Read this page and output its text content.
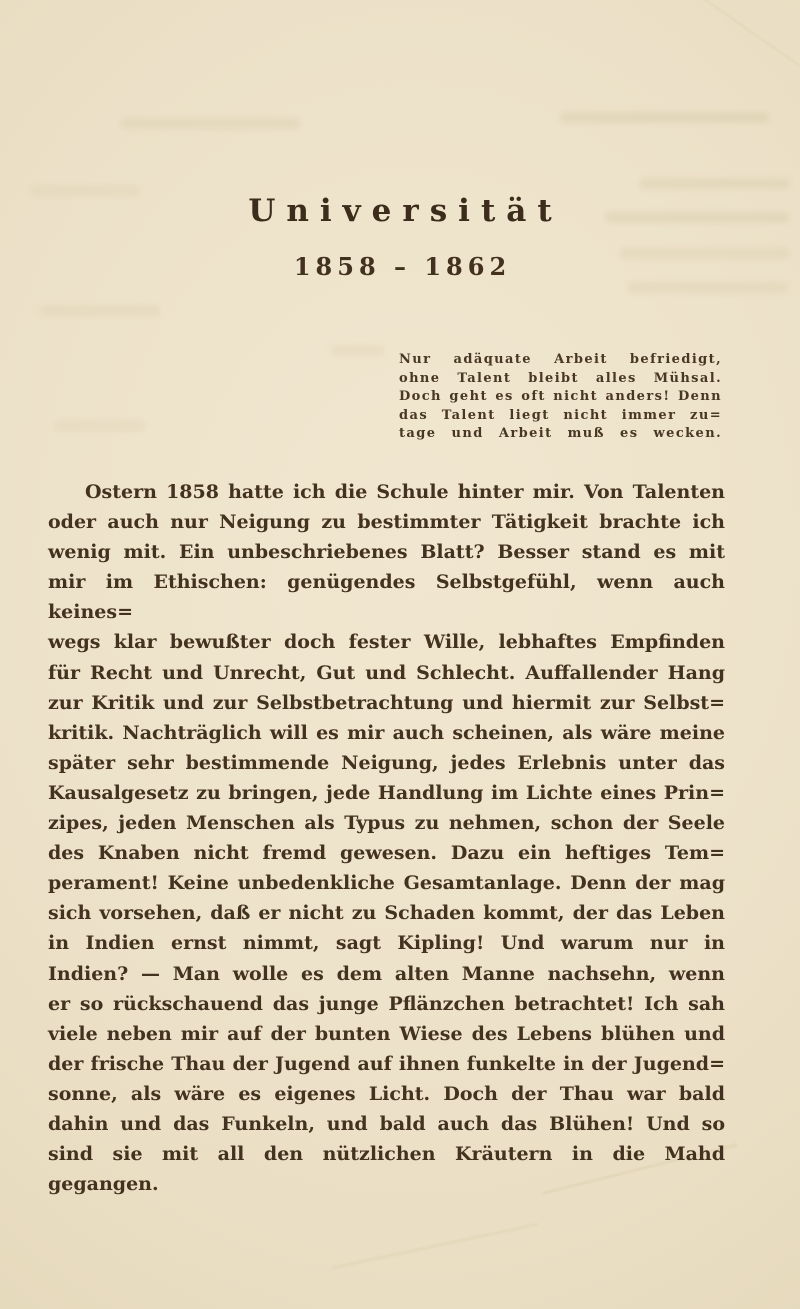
Universität
1858 – 1862
Nur adäquate Arbeit befriedigt,
ohne Talent bleibt alles Mühsal.
Doch geht es oft nicht anders! Denn
das Talent liegt nicht immer zu=
tage und Arbeit muß es wecken.
Ostern 1858 hatte ich die Schule hinter mir. Von Talenten
oder auch nur Neigung zu bestimmter Tätigkeit brachte ich
wenig mit. Ein unbeschriebenes Blatt? Besser stand es mit
mir im Ethischen: genügendes Selbstgefühl, wenn auch keines=
wegs klar bewußter doch fester Wille, lebhaftes Empfinden
für Recht und Unrecht, Gut und Schlecht. Auffallender Hang
zur Kritik und zur Selbstbetrachtung und hiermit zur Selbst=
kritik. Nachträglich will es mir auch scheinen, als wäre meine
später sehr bestimmende Neigung, jedes Erlebnis unter das
Kausalgesetz zu bringen, jede Handlung im Lichte eines Prin=
zipes, jeden Menschen als Typus zu nehmen, schon der Seele
des Knaben nicht fremd gewesen. Dazu ein heftiges Tem=
perament! Keine unbedenkliche Gesamtanlage. Denn der mag
sich vorsehen, daß er nicht zu Schaden kommt, der das Leben
in Indien ernst nimmt, sagt Kipling! Und warum nur in
Indien? — Man wolle es dem alten Manne nachsehn, wenn
er so rückschauend das junge Pflänzchen betrachtet! Ich sah
viele neben mir auf der bunten Wiese des Lebens blühen und
der frische Thau der Jugend auf ihnen funkelte in der Jugend=
sonne, als wäre es eigenes Licht. Doch der Thau war bald
dahin und das Funkeln, und bald auch das Blühen! Und so
sind sie mit all den nützlichen Kräutern in die Mahd gegangen.
